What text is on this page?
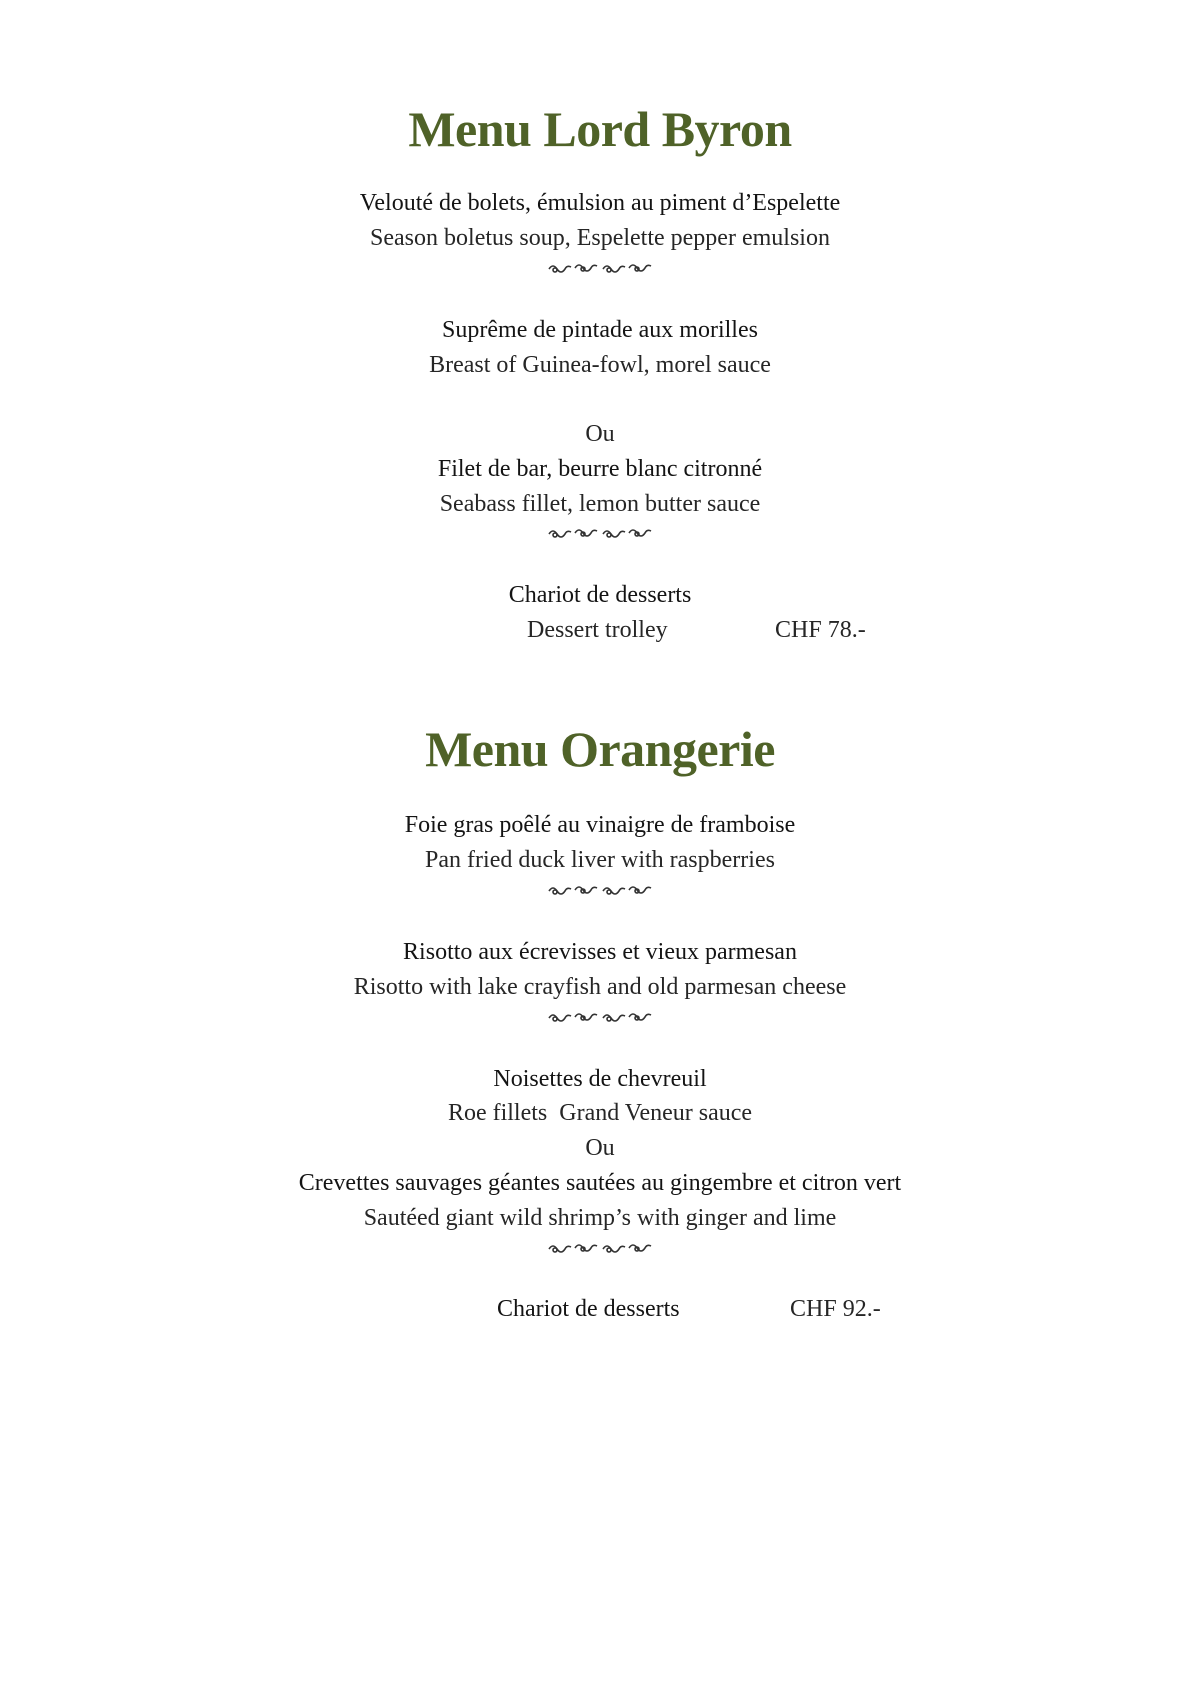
Menu Lord Byron
Velouté de bolets, émulsion au piment d’Espelette
Season boletus soup, Espelette pepper emulsion
Suprême de pintade aux morilles
Breast of Guinea-fowl, morel sauce
Ou
Filet de bar, beurre blanc citronné
Seabass fillet, lemon butter sauce
Chariot de desserts
Dessert trolley	CHF 78.-
Menu Orangerie
Foie gras poêlé au vinaigre de framboise
Pan fried duck liver with raspberries
Risotto aux écrevisses et vieux parmesan
Risotto with lake crayfish and old parmesan cheese
Noisettes de chevreuil
Roe fillets  Grand Veneur sauce
Ou
Crevettes sauvages géantes sautées au gingembre et citron vert
Sautéed giant wild shrimp’s with ginger and lime
Chariot de desserts	CHF 92.-
